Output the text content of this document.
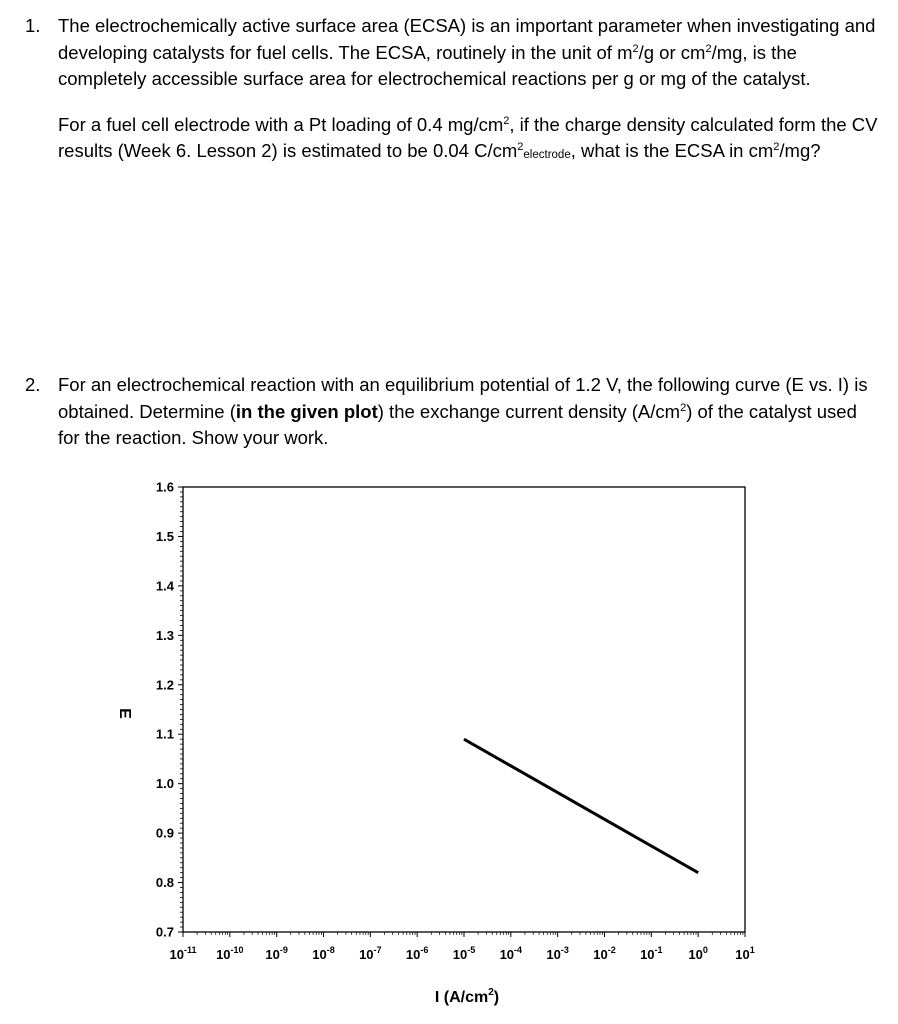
1. The electrochemically active surface area (ECSA) is an important parameter when investigating and developing catalysts for fuel cells. The ECSA, routinely in the unit of $m^2/g$ or $cm^2/mg$, is the completely accessible surface area for electrochemical reactions per g or mg of the catalyst.

For a fuel cell electrode with a Pt loading of 0.4 $mg/cm^2$, if the charge density calculated form the CV results (Week 6. Lesson 2) is estimated to be 0.04 $C/cm^2_{electrode}$, what is the ECSA in $cm^2/mg$?

2. For an electrochemical reaction with an equilibrium potential of 1.2 V, the following curve (E vs. I) is obtained. Determine (in the given plot) the exchange current density $(A/cm^2)$ of the catalyst used for the reaction. Show your work.

0.7
0.8
0.9
1.0
1.1
1.2
1.3
1.4
1.5
1.6
$10^{-11}$ $10^{-10}$ $10^{-9}$ $10^{-8}$ $10^{-7}$ $10^{-6}$ $10^{-5}$ $10^{-4}$ $10^{-3}$ $10^{-2}$ $10^{-1}$ $10^0$ $10^1$
I $(A/cm^2)$
E
